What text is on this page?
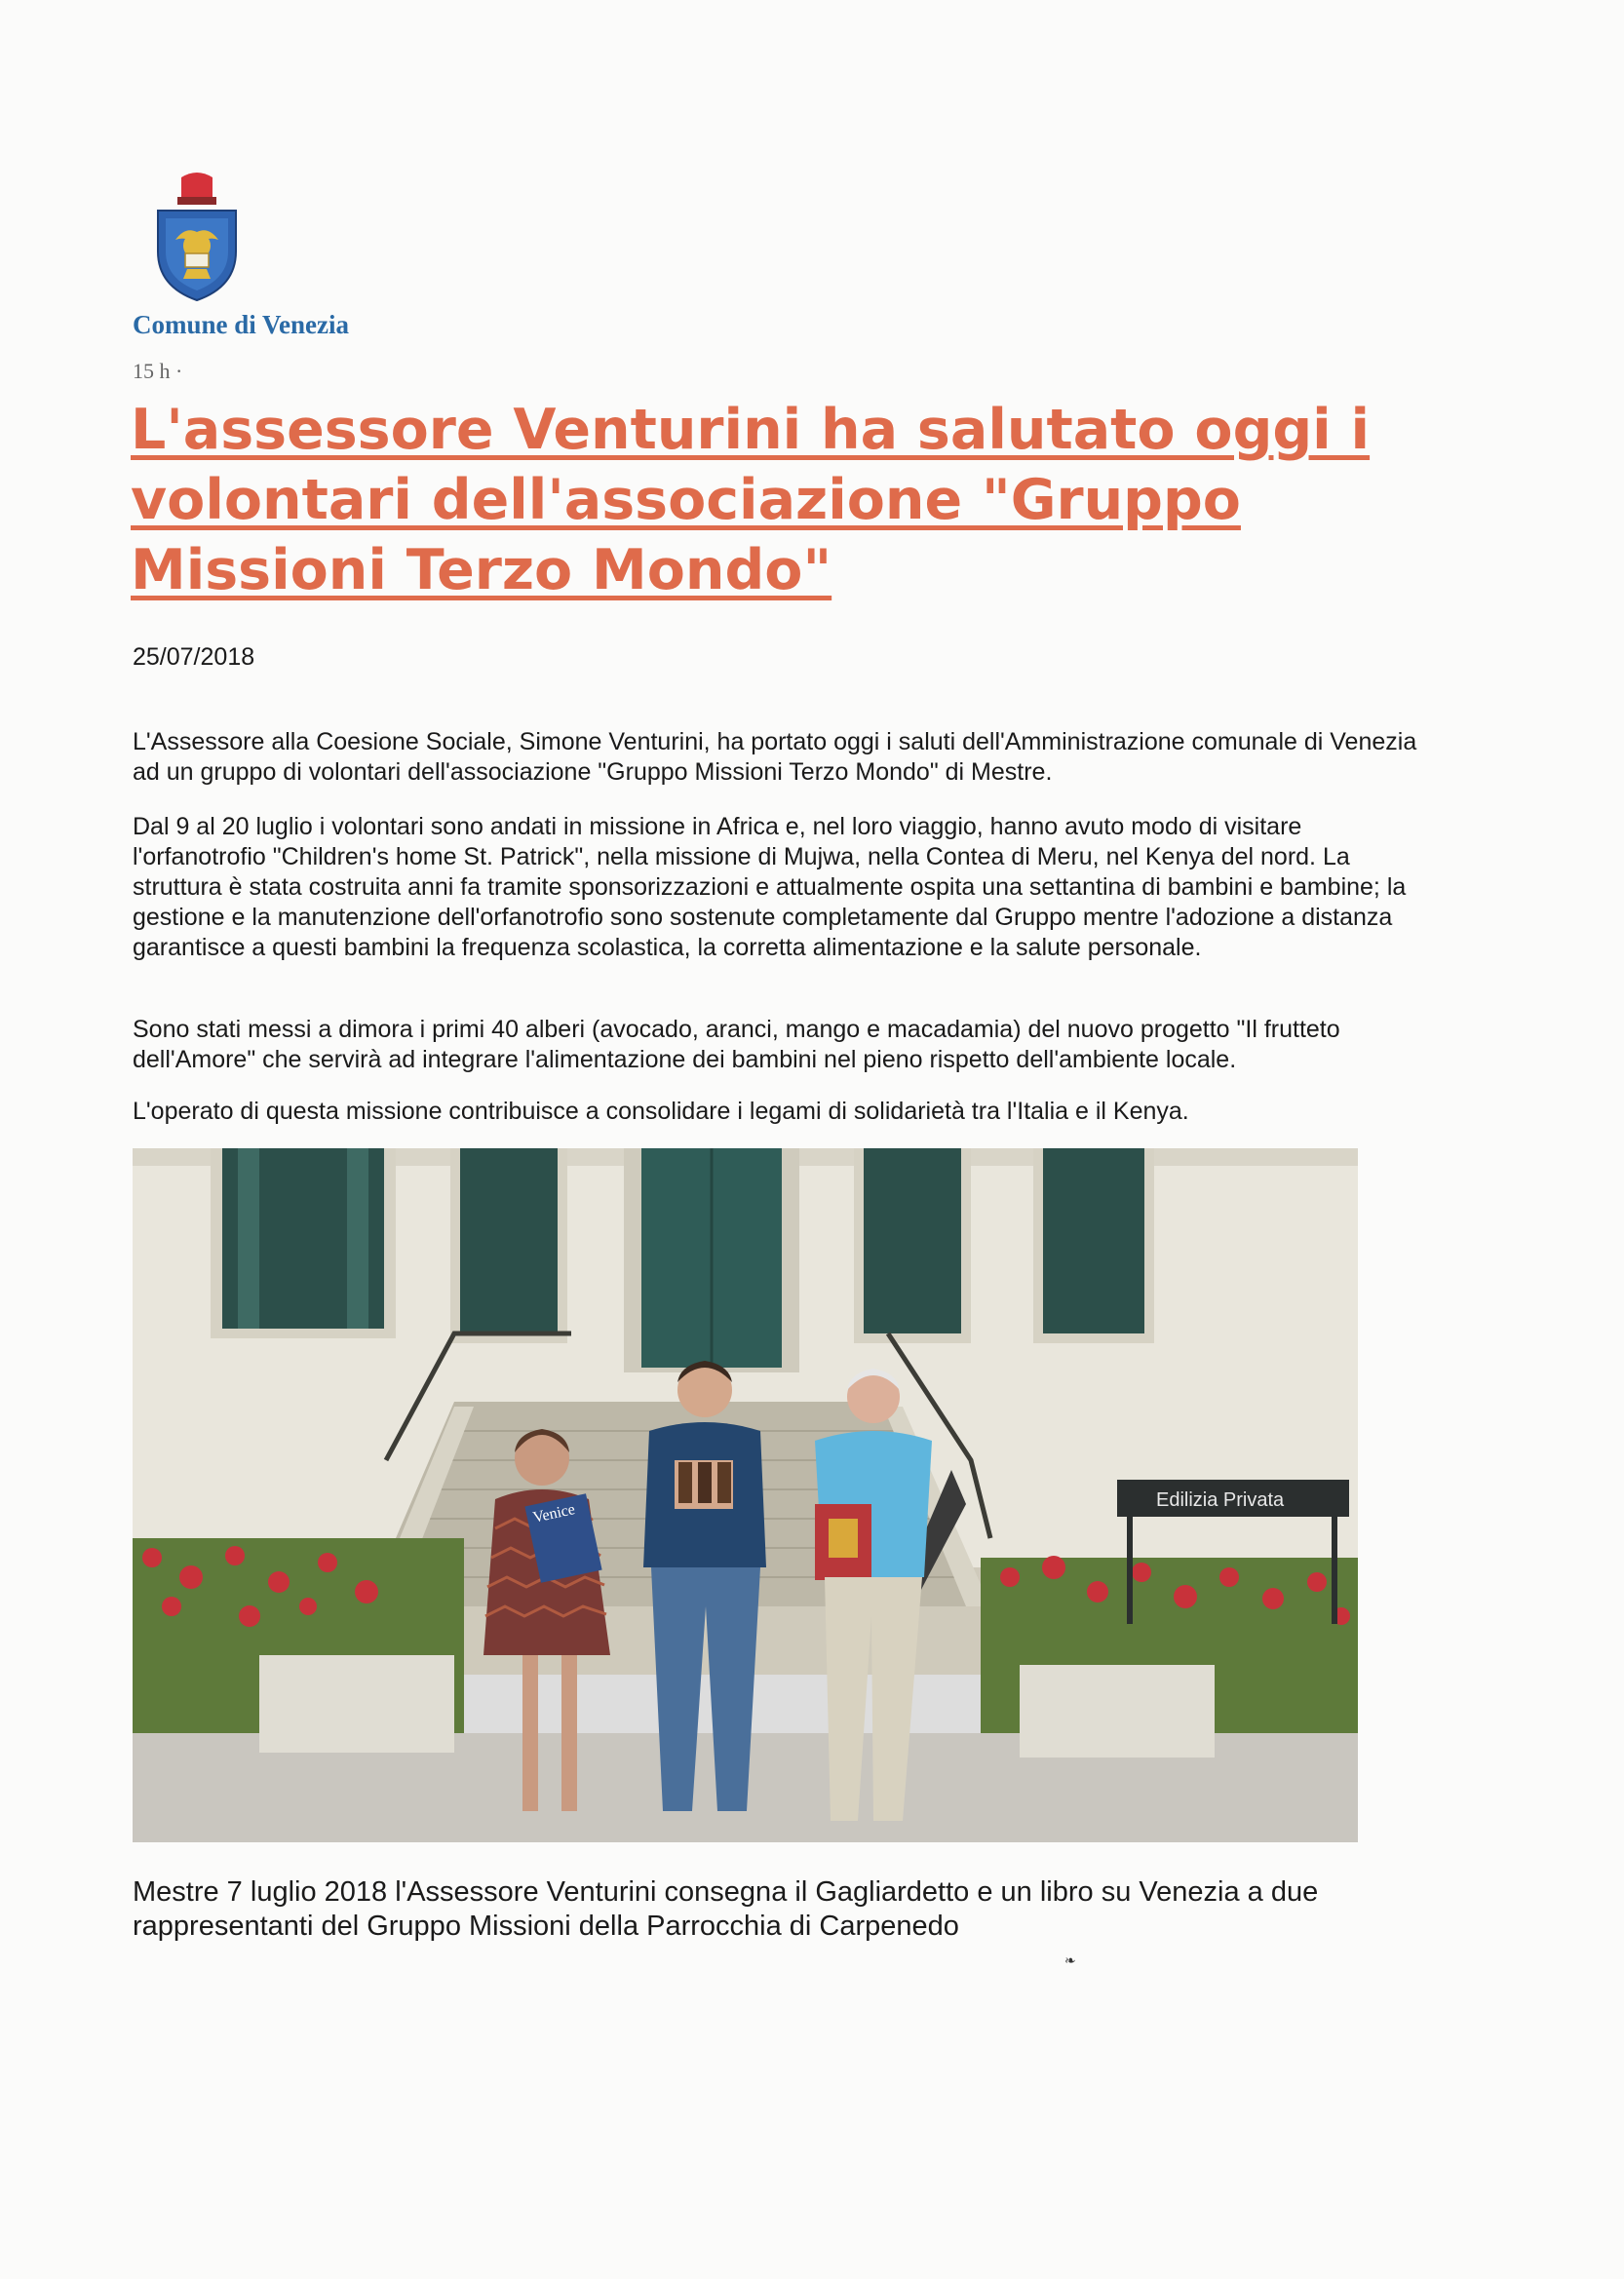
Comune di Venezia
15 h ·
L'assessore Venturini ha salutato oggi i volontari dell'associazione "Gruppo Missioni Terzo Mondo"
25/07/2018

L'Assessore alla Coesione Sociale, Simone Venturini, ha portato oggi i saluti dell'Amministrazione comunale di Venezia ad un gruppo di volontari dell'associazione "Gruppo Missioni Terzo Mondo" di Mestre.

Dal 9 al 20 luglio i volontari sono andati in missione in Africa e, nel loro viaggio, hanno avuto modo di visitare l'orfanotrofio "Children's home St. Patrick", nella missione di Mujwa, nella Contea di Meru, nel Kenya del nord. La struttura è stata costruita anni fa tramite sponsorizzazioni e attualmente ospita una settantina di bambini e bambine; la gestione e la manutenzione dell'orfanotrofio sono sostenute completamente dal Gruppo mentre l'adozione a distanza garantisce a questi bambini la frequenza scolastica, la corretta alimentazione e la salute personale.

Sono stati messi a dimora i primi 40 alberi (avocado, aranci, mango e macadamia) del nuovo progetto "Il frutteto dell'Amore" che servirà ad integrare l'alimentazione dei bambini nel pieno rispetto dell'ambiente locale.

L'operato di questa missione contribuisce a consolidare i legami di solidarietà tra l'Italia e il Kenya.

Edilizia Privata
Venice

Mestre 7 luglio 2018 l'Assessore Venturini consegna il Gagliardetto e un libro su Venezia a due rappresentanti del Gruppo Missioni della Parrocchia di Carpenedo

❧
